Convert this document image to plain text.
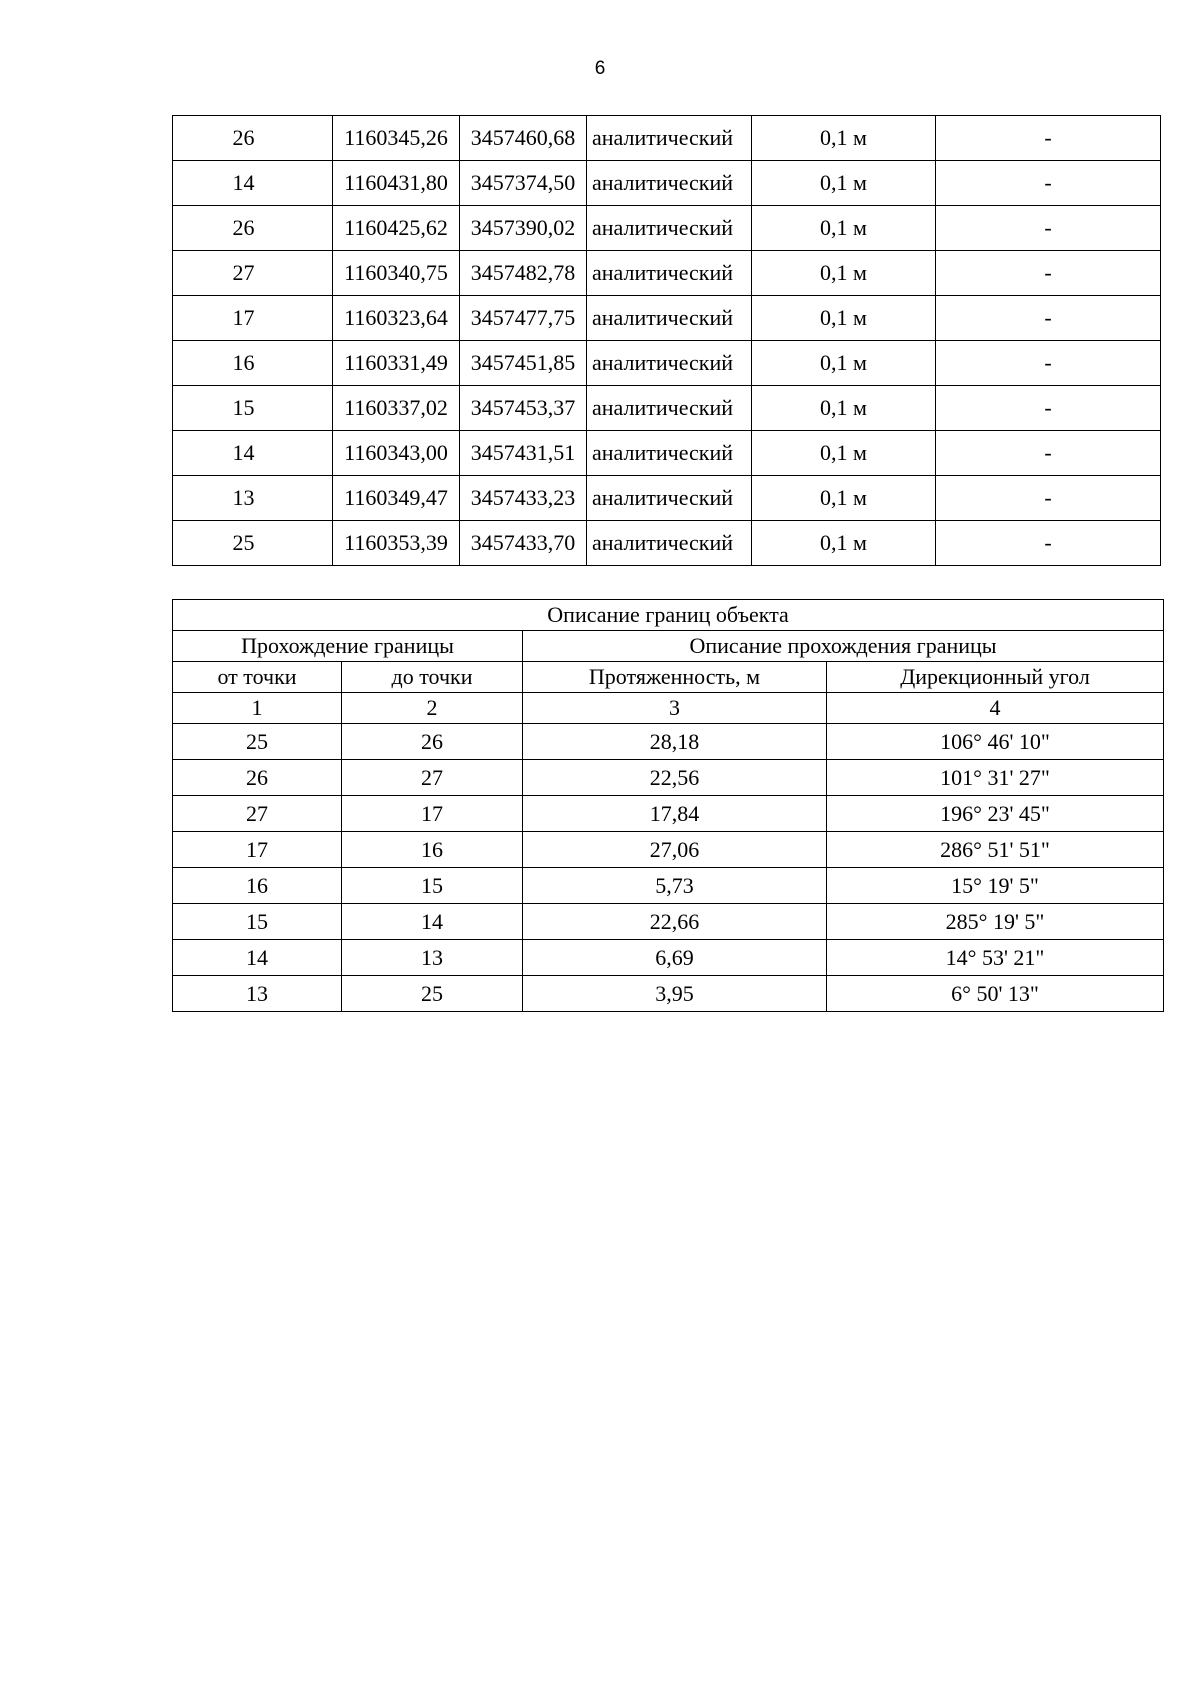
6
26	1160345,26	3457460,68	аналитический	0,1 м	-
14	1160431,80	3457374,50	аналитический	0,1 м	-
26	1160425,62	3457390,02	аналитический	0,1 м	-
27	1160340,75	3457482,78	аналитический	0,1 м	-
17	1160323,64	3457477,75	аналитический	0,1 м	-
16	1160331,49	3457451,85	аналитический	0,1 м	-
15	1160337,02	3457453,37	аналитический	0,1 м	-
14	1160343,00	3457431,51	аналитический	0,1 м	-
13	1160349,47	3457433,23	аналитический	0,1 м	-
25	1160353,39	3457433,70	аналитический	0,1 м	-
Описание границ объекта			
Прохождение границы		Описание прохождения границы	
от точки	до точки	Протяженность, м	Дирекционный угол
1	2	3	4
25	26	28,18	106° 46' 10"
26	27	22,56	101° 31' 27"
27	17	17,84	196° 23' 45"
17	16	27,06	286° 51' 51"
16	15	5,73	15° 19' 5"
15	14	22,66	285° 19' 5"
14	13	6,69	14° 53' 21"
13	25	3,95	6° 50' 13"
